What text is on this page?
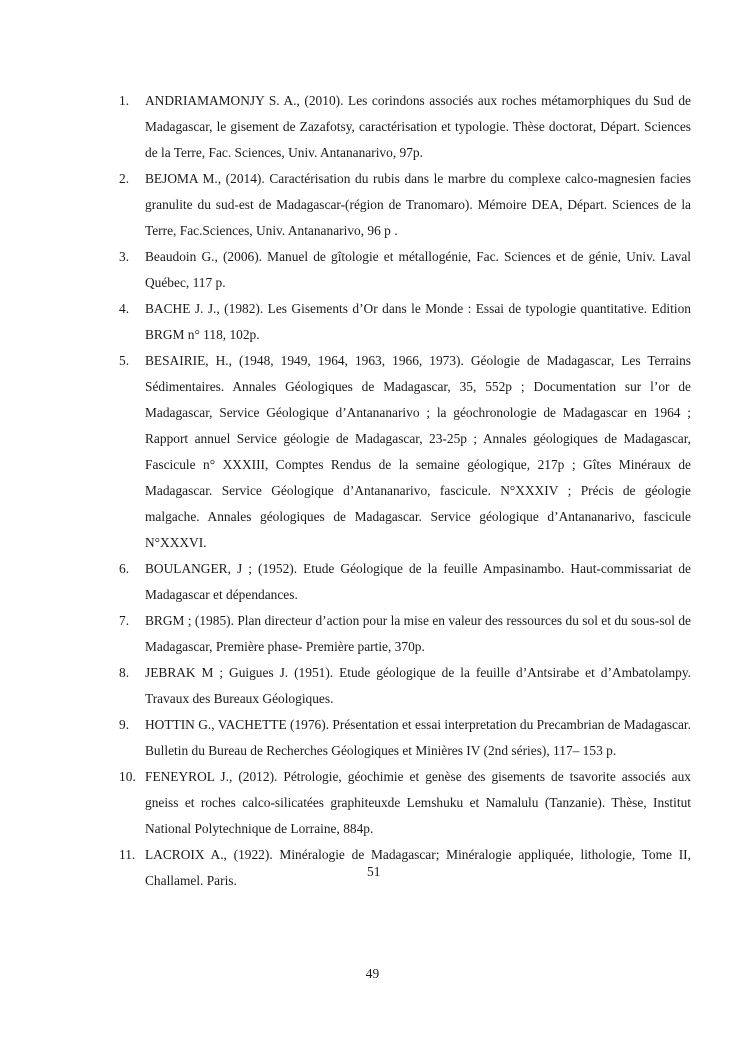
1.	ANDRIAMAMONJY S. A., (2010). Les corindons associés aux roches métamorphiques du Sud de Madagascar, le gisement de Zazafotsy, caractérisation et typologie. Thèse doctorat, Départ. Sciences de la Terre, Fac. Sciences, Univ. Antananarivo, 97p.
2.	BEJOMA M., (2014). Caractérisation du rubis dans le marbre du complexe calco-magnesien facies granulite du sud-est de Madagascar-(région de Tranomaro). Mémoire DEA, Départ. Sciences de la Terre, Fac.Sciences, Univ. Antananarivo, 96 p .
3.	Beaudoin G., (2006). Manuel de gîtologie et métallogénie, Fac. Sciences et de génie, Univ. Laval Québec, 117 p.
4.	BACHE J. J., (1982). Les Gisements d’Or dans le Monde : Essai de typologie quantitative. Edition BRGM n° 118, 102p.
5.	BESAIRIE, H., (1948, 1949, 1964, 1963, 1966, 1973). Géologie de Madagascar, Les Terrains Sédimentaires. Annales Géologiques de Madagascar, 35, 552p ; Documentation sur l’or de Madagascar, Service Géologique d’Antananarivo ; la géochronologie de Madagascar en 1964 ; Rapport annuel Service géologie de Madagascar, 23-25p ; Annales géologiques de Madagascar, Fascicule n° XXXIII, Comptes Rendus de la semaine géologique, 217p ; Gîtes Minéraux de Madagascar. Service Géologique d’Antananarivo, fascicule. N°XXXIV ; Précis de géologie malgache. Annales géologiques de Madagascar. Service géologique d’Antananarivo, fascicule N°XXXVI.
6.	BOULANGER, J ; (1952). Etude Géologique de la feuille Ampasinambo. Haut-commissariat de Madagascar et dépendances.
7.	BRGM ; (1985). Plan directeur d’action pour la mise en valeur des ressources du sol et du sous-sol de Madagascar, Première phase- Première partie, 370p.
8.	JEBRAK M ; Guigues J. (1951). Etude géologique de la feuille d’Antsirabe et d’Ambatolampy. Travaux des Bureaux Géologiques.
9.	HOTTIN G., VACHETTE (1976). Présentation et essai interpretation du Precambrian de Madagascar. Bulletin du Bureau de Recherches Géologiques et Minières IV (2nd séries), 117– 153 p.
10. FENEYROL J., (2012). Pétrologie, géochimie et genèse des gisements de tsavorite associés aux gneiss et roches calco-silicatées graphiteuxde Lemshuku et Namalulu (Tanzanie). Thèse, Institut National Polytechnique de Lorraine, 884p.
11. LACROIX A., (1922). Minéralogie de Madagascar; Minéralogie appliquée, lithologie, Tome II, Challamel. Paris.
51
49
